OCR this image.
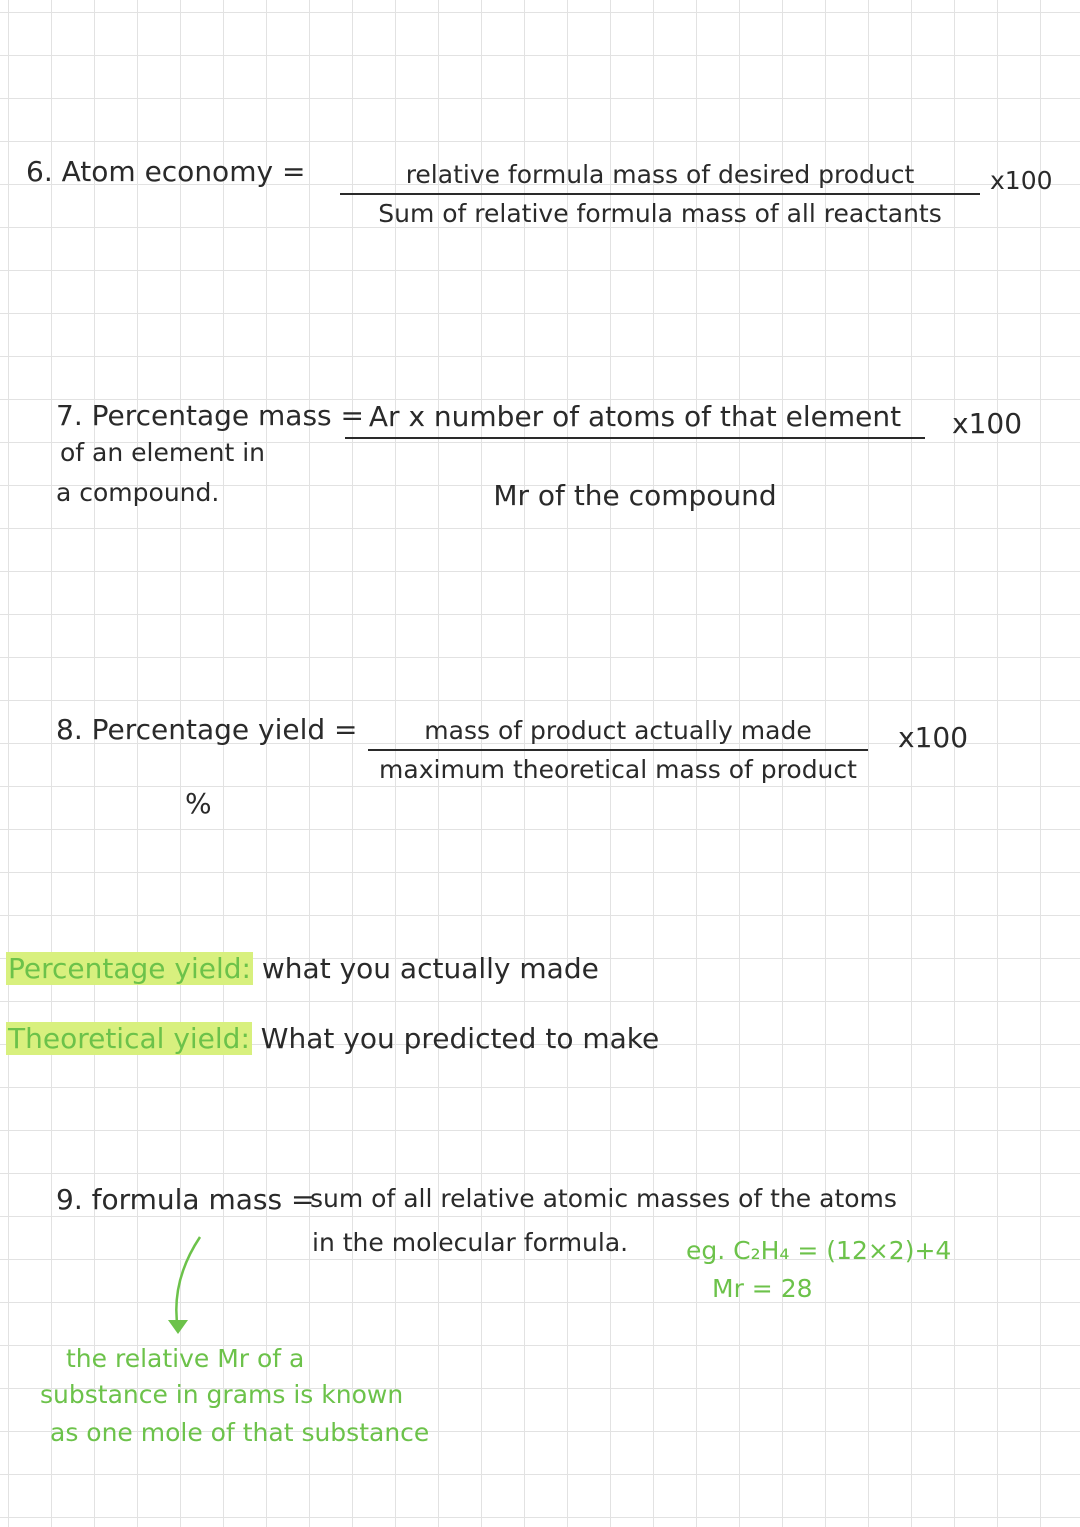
6. Atom economy =	relative formula mass of desired product
Sum of relative formula mass of all reactants
x100
7. Percentage mass =
of an element in
a compound.
Ar x number of atoms of that element
Mr of the compound
x100
8. Percentage yield =
%
mass of product actually made
maximum theoretical mass of product
x100
Percentage yield: what you actually made
Theoretical yield: What you predicted to make
9. formula mass =
sum of all relative atomic masses of the atoms
in the molecular formula. eg. C₂H₄ = (12×2)+4
Mr = 28
the relative Mr of a
substance in grams is known
as one mole of that substance
